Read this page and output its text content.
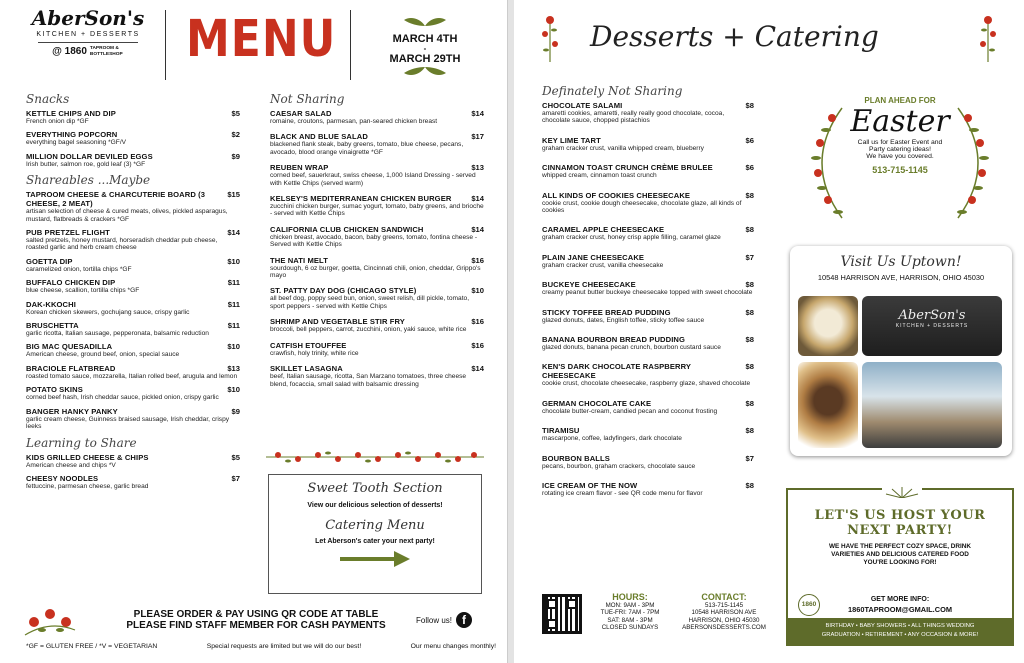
AberSon's
KITCHEN + DESSERTS
@ 1860 TAPROOM & BOTTLESHOP MENU	MARCH 4TH
-
MARCH 29TH
Snacks
KETTLE CHIPS AND DIP	$5
French onion dip *GF
EVERYTHING POPCORN	$2
everything bagel seasoning *GF/V
MILLION DOLLAR DEVILED EGGS	$9
Irish butter, salmon roe, gold leaf (3) *GF
Shareables ...Maybe
TAPROOM CHEESE & CHARCUTERIE BOARD (3 CHEESE, 2 MEAT)
$15
artisan selection of cheese & cured meats, olives, pickled asparagus, mustard, flatbreads & crackers *GF
PUB PRETZEL FLIGHT	$14
salted pretzels, honey mustard, horseradish cheddar pub cheese, roasted garlic and herb cream cheese
GOETTA DIP	$10
caramelized onion, tortilla chips *GF
BUFFALO CHICKEN DIP	$11
blue cheese, scallion, tortilla chips *GF
DAK-KKOCHI	$11
Korean chicken skewers, gochujang sauce, crispy garlic
BRUSCHETTA	$11
garlic ricotta, Italian sausage, pepperonata, balsamic reduction
BIG MAC QUESADILLA	$10
American cheese, ground beef, onion, special sauce
BRACIOLE FLATBREAD	$13
roasted tomato sauce, mozzarella, Italian rolled beef, arugula and lemon
POTATO SKINS	$10
corned beef hash, Irish cheddar sauce, pickled onion, crispy garlic
BANGER HANKY PANKY	$9
garlic cream cheese, Guinness braised sausage, Irish cheddar, crispy leeks
Learning to Share
KIDS GRILLED CHEESE & CHIPS	$5
American cheese and chips *V
CHEESY NOODLES	$7
fettuccine, parmesan cheese, garlic bread
Not Sharing
CAESAR SALAD	$14
romaine, croutons, parmesan, pan-seared chicken breast
BLACK AND BLUE SALAD	$17
blackened flank steak, baby greens, tomato, blue cheese, pecans, avocado, blood orange vinaigrette *GF
REUBEN WRAP	$13
corned beef, sauerkraut, swiss cheese, 1,000 Island Dressing - served with Kettle Chips (served warm)
KELSEY'S MEDITERRANEAN CHICKEN BURGER	$14
zucchini chicken burger, sumac yogurt, tomato, baby greens, and brioche - served with Kettle Chips
CALIFORNIA CLUB CHICKEN SANDWICH	$14
chicken breast, avocado, bacon, baby greens, tomato, fontina cheese - Served with Kettle Chips
THE NATI MELT	$16
sourdough, 6 oz burger, goetta, Cincinnati chili, onion, cheddar, Grippo's mayo
ST. PATTY DAY DOG (CHICAGO STYLE)	$10
all beef dog, poppy seed bun, onion, sweet relish, dill pickle, tomato, sport peppers - served with Kettle Chips
SHRIMP AND VEGETABLE STIR FRY	$16
broccoli, bell peppers, carrot, zucchini, onion, yaki sauce, white rice
CATFISH ETOUFFEE	$16
crawfish, holy trinity, white rice
SKILLET LASAGNA	$14
beef, Italian sausage, ricotta, San Marzano tomatoes, three cheese blend, focaccia, small salad with balsamic dressing
Sweet Tooth Section
View our delicious selection of desserts!
Catering Menu
Let Aberson's cater your next party!
PLEASE ORDER & PAY USING QR CODE AT TABLE
PLEASE FIND STAFF MEMBER FOR CASH PAYMENTS	Follow us! f
*GF = GLUTEN FREE / *V = VEGETARIAN	Special requests are limited but we will do our best!	Our menu changes monthly!
Desserts + Catering
Definately Not Sharing
CHOCOLATE SALAMI	$8
amaretti cookies, amaretti, really really good chocolate, cocoa, chocolate sauce, chopped pistachios
KEY LIME TART	$6
graham cracker crust, vanilla whipped cream, blueberry
CINNAMON TOAST CRUNCH CRÈME BRULEE	$6
whipped cream, cinnamon toast crunch
ALL KINDS OF COOKIES CHEESECAKE	$8
cookie crust, cookie dough cheesecake, chocolate glaze, all kinds of cookies
CARAMEL APPLE CHEESECAKE	$8
graham cracker crust, honey crisp apple filling, caramel glaze
PLAIN JANE CHEESECAKE	$7
graham cracker crust, vanilla cheesecake
BUCKEYE CHEESECAKE	$8
creamy peanut butter buckeye cheesecake topped with sweet chocolate
STICKY TOFFEE BREAD PUDDING	$8
glazed donuts, dates, English toffee, sticky toffee sauce
BANANA BOURBON BREAD PUDDING	$8
glazed donuts, banana pecan crunch, bourbon custard sauce
KEN'S DARK CHOCOLATE RASPBERRY CHEESECAKE
$8
cookie crust, chocolate cheesecake, raspberry glaze, shaved chocolate
GERMAN CHOCOLATE CAKE	$8
chocolate butter-cream, candied pecan and coconut frosting
TIRAMISU	$8
mascarpone, coffee, ladyfingers, dark chocolate
BOURBON BALLS	$7
pecans, bourbon, graham crackers, chocolate sauce
ICE CREAM OF THE NOW	$8
rotating ice cream flavor - see QR code menu for flavor
PLAN AHEAD FOR
Easter
Call us for Easter Event and
Party catering ideas!
We have you covered.
513-715-1145
Visit Us Uptown!
10548 HARRISON AVE, HARRISON, OHIO 45030
AberSon's
KITCHEN + DESSERTS
LET'S US HOST YOUR
NEXT PARTY!
WE HAVE THE PERFECT COZY SPACE, DRINK
VARIETIES AND DELICIOUS CATERED FOOD
YOU'RE LOOKING FOR!
1860
GET MORE INFO:
1860TAPROOM@GMAIL.COM
BIRTHDAY • BABY SHOWERS • ALL THINGS WEDDING
GRADUATION • RETIREMENT • ANY OCCASION & MORE!
HOURS:
MON: 9AM - 3PM
TUE-FRI: 7AM - 7PM
SAT: 8AM - 3PM
CLOSED SUNDAYS
CONTACT:
513-715-1145
10548 HARRISON AVE
HARRISON, OHIO 45030
ABERSONSDESSERTS.COM
